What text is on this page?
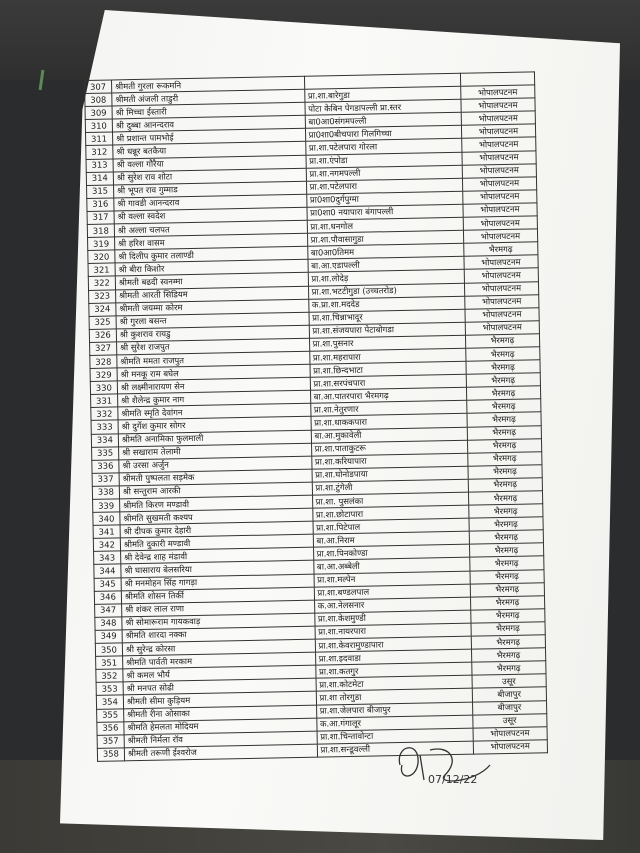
307	श्रीमती गुरला रूकमनि		
308	श्रीमती अंजली ताडुरी	प्रा.शा.बारेगुडा	भोपालपटनम
309	श्री मिच्चा ईस्तारी	पोटा केबिन पेगडापल्ली प्रा.स्तर	भोपालपटनम
310	श्री दुब्बा आनन्दराव	बा0आ0संगमपल्ली	भोपालपटनम
311	श्री प्रशान्त पामभोई	प्रा0शा0बीचपारा गिलगिच्चा	भोपालपटनम
312	श्री धन्नूर बतकैया	प्रा.शा.पटेलपारा गोरला	भोपालपटनम
313	श्री वल्ला गौरैया	प्रा.शा.एंपोडा	भोपालपटनम
314	श्री सुरेश राव शोटा	प्रा.शा.नगमपल्ली	भोपालपटनम
315	श्री भूपत राव गुम्माड	प्रा.शा.पटेलपारा	भोपालपटनम
316	श्री गावडी आनन्दराव	प्रा0शा0दुर्गपुग्मा	भोपालपटनम
317	श्री वल्ला स्वदेश	प्रा0शा0 नयापारा बंगापल्ली	भोपालपटनम
318	श्री अल्ला चलपत	प्रा.शा.धनगोल	भोपालपटनम
319	श्री हरिश वासम	प्रा.शा.पौवासागुडा	भोपालपटनम
320	श्री दिलीप कुमार तलाण्डी	बा0आ0तिमम	भैरमगढ़
321	श्री बीरा किशोर	बा.आ.एडापल्ली	भोपालपटनम
322	श्रीमती बढदी स्वनम्मा	प्रा.शा.लोदेड़	भोपालपटनम
323	श्रीमती आरती सिडियम	प्रा.शा.भटटीगुडा (उच्चतरोड)	भोपालपटनम
324	श्रीमती जयम्मा कोरम	क.प्रा.शा.मददेड	भोपालपटनम
325	श्री गुरला बसन्त	प्रा.शा.चिन्नाभादूर	भोपालपटनम
326	श्री कुशराव रायडु	प्रा.शा.संजयपारा पेटाबोगडा	भोपालपटनम
327	श्री सुरेश राजपुत	प्रा.शा.पुसनार	भैरमगढ़
328	श्रीमति ममता राजपुत	प्रा.शा.महरापारा	भैरमगढ़
329	श्री मनकू राम बघेल	प्रा.शा.छिन्दभाटा	भैरमगढ़
330	श्री लक्ष्मीनारायण सेन	प्रा.शा.सरपंचपारा	भैरमगढ़
331	श्री शैलेन्द्र कुमार नाग	बा.आ.पातरपारा भैरमगढ़	भैरमगढ़
332	श्रीमति स्मृति देवांगन	प्रा.शा.नेतुरणार	भैरमगढ़
333	श्री दुर्गेश कुमार सोगर	प्रा.शा.धाककपारा	भैरमगढ़
334	श्रीमति अनामिका फुलमाली	बा.आ.मुकावेली	भैरमगढ़
335	श्री सखाराम तेलामी	प्रा.शा.पाताकुटरू	भैरमगढ़
336	श्री उरसा अर्जुन	प्रा.शा.करियापारा	भैरमगढ़
337	श्रीमती पुष्पलता सड़मेक	प्रा.शा.घोनोडपाया	भैरमगढ़
338	श्री सन्तुराम आरकी	प्रा.शा.टुंगेली	भैरमगढ़
339	श्रीमति किरण मण्डावी	प्रा.शा. पुसलंका	भैरमगढ़
340	श्रीमति सुखमती कश्यप	प्रा.शा.छोटापारा	भैरमगढ़
341	श्री दीपक कुमार देहारी	प्रा.शा.पिटेपाल	भैरमगढ़
342	श्रीमति दुकारी मण्डावी	बा.आ.निराम	भैरमगढ़
343	श्री देवेन्द्र शाह मंडावी	प्रा.शा.पिनकोण्डा	भैरमगढ़
344	श्री घासाराय बेलसरिया	बा.आ.अब्बेली	भैरमगढ़
345	श्री मनमोहन सिंह गागड़ा	प्रा.शा.मल्पेन	भैरमगढ़
346	श्रीमति शोसन तिर्की	प्रा.शा.बण्डलपाल	भैरमगढ़
347	श्री शंकर लाल राणा	क.आ.नेलसनार	भैरमगढ़
348	श्री सोमारूराम गायकवाड़	प्रा.शा.केशमुण्डी	भैरमगढ़
349	श्रीमति शारदा नक्का	प्रा.शा.नायरपारा	भैरमगढ़
350	श्री सुरेन्द्र कोरसा	प्रा.शा.केवरामुण्डापारा	भैरमगढ़
351	श्रीमति पार्वती मरकाम	प्रा.शा.इदवाडा	भैरमगढ़
352	श्री कमल भौर्य	प्रा.शा.कतगुर	भैरमगढ़
353	श्री मनपत सोढी	प्रा.शा.कोटमेटा	उसूर
354	श्रीमती सीमा कुड़ियम	प्रा.शा तोरगुडा	बीजापुर
355	श्रीमती रीना ओसाका	प्रा.शा.जेलपारा बीजापुर	बीजापुर
356	श्रीमति हेमलता मोदियम	क.आ.गंगालूर	उसूर
357	श्रीमती निर्मला रॉव	प्रा.शा.चिन्तावोन्टा	भोपालपटनम
358	श्रीमती तरूणी ईश्वरोज	प्रा.शा.सन्डूवल्ली	भोपालपटनम
07/12/22
